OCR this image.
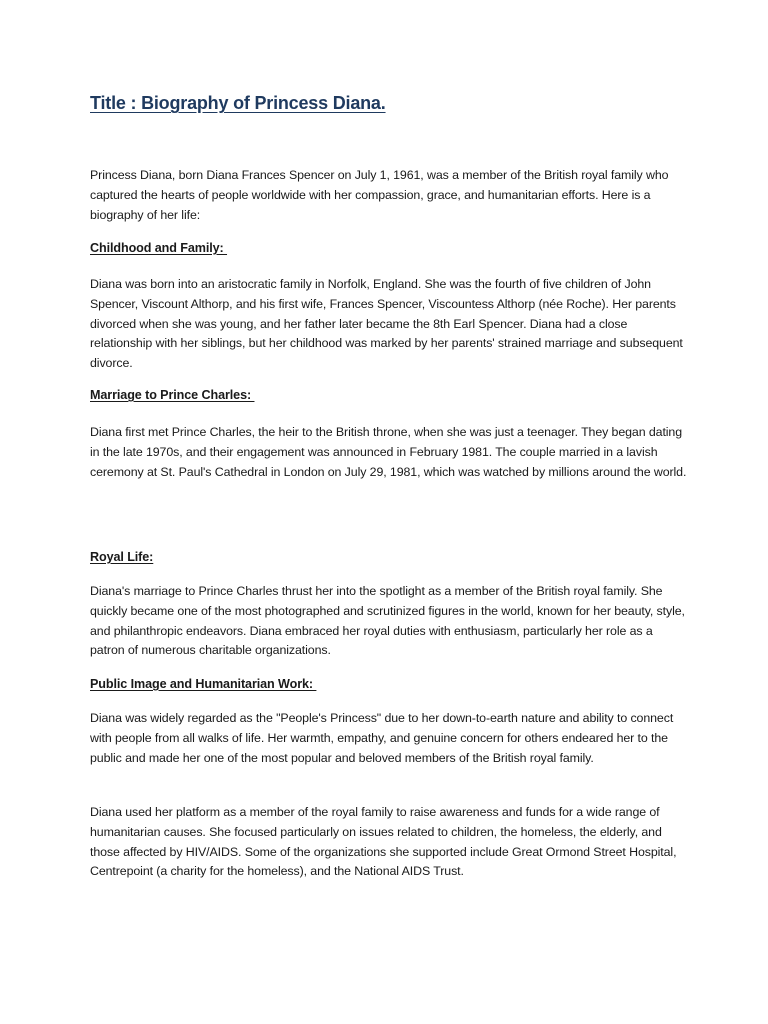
Title : Biography of Princess Diana.

Princess Diana, born Diana Frances Spencer on July 1, 1961, was a member of the British royal family who captured the hearts of people worldwide with her compassion, grace, and humanitarian efforts. Here is a biography of her life:

Childhood and Family:

Diana was born into an aristocratic family in Norfolk, England. She was the fourth of five children of John Spencer, Viscount Althorp, and his first wife, Frances Spencer, Viscountess Althorp (née Roche). Her parents divorced when she was young, and her father later became the 8th Earl Spencer. Diana had a close relationship with her siblings, but her childhood was marked by her parents' strained marriage and subsequent divorce.

Marriage to Prince Charles:

Diana first met Prince Charles, the heir to the British throne, when she was just a teenager. They began dating in the late 1970s, and their engagement was announced in February 1981. The couple married in a lavish ceremony at St. Paul's Cathedral in London on July 29, 1981, which was watched by millions around the world.

Royal Life:

Diana's marriage to Prince Charles thrust her into the spotlight as a member of the British royal family. She quickly became one of the most photographed and scrutinized figures in the world, known for her beauty, style, and philanthropic endeavors. Diana embraced her royal duties with enthusiasm, particularly her role as a patron of numerous charitable organizations.

Public Image and Humanitarian Work:

Diana was widely regarded as the "People's Princess" due to her down-to-earth nature and ability to connect with people from all walks of life. Her warmth, empathy, and genuine concern for others endeared her to the public and made her one of the most popular and beloved members of the British royal family.

Diana used her platform as a member of the royal family to raise awareness and funds for a wide range of humanitarian causes. She focused particularly on issues related to children, the homeless, the elderly, and those affected by HIV/AIDS. Some of the organizations she supported include Great Ormond Street Hospital, Centrepoint (a charity for the homeless), and the National AIDS Trust.
